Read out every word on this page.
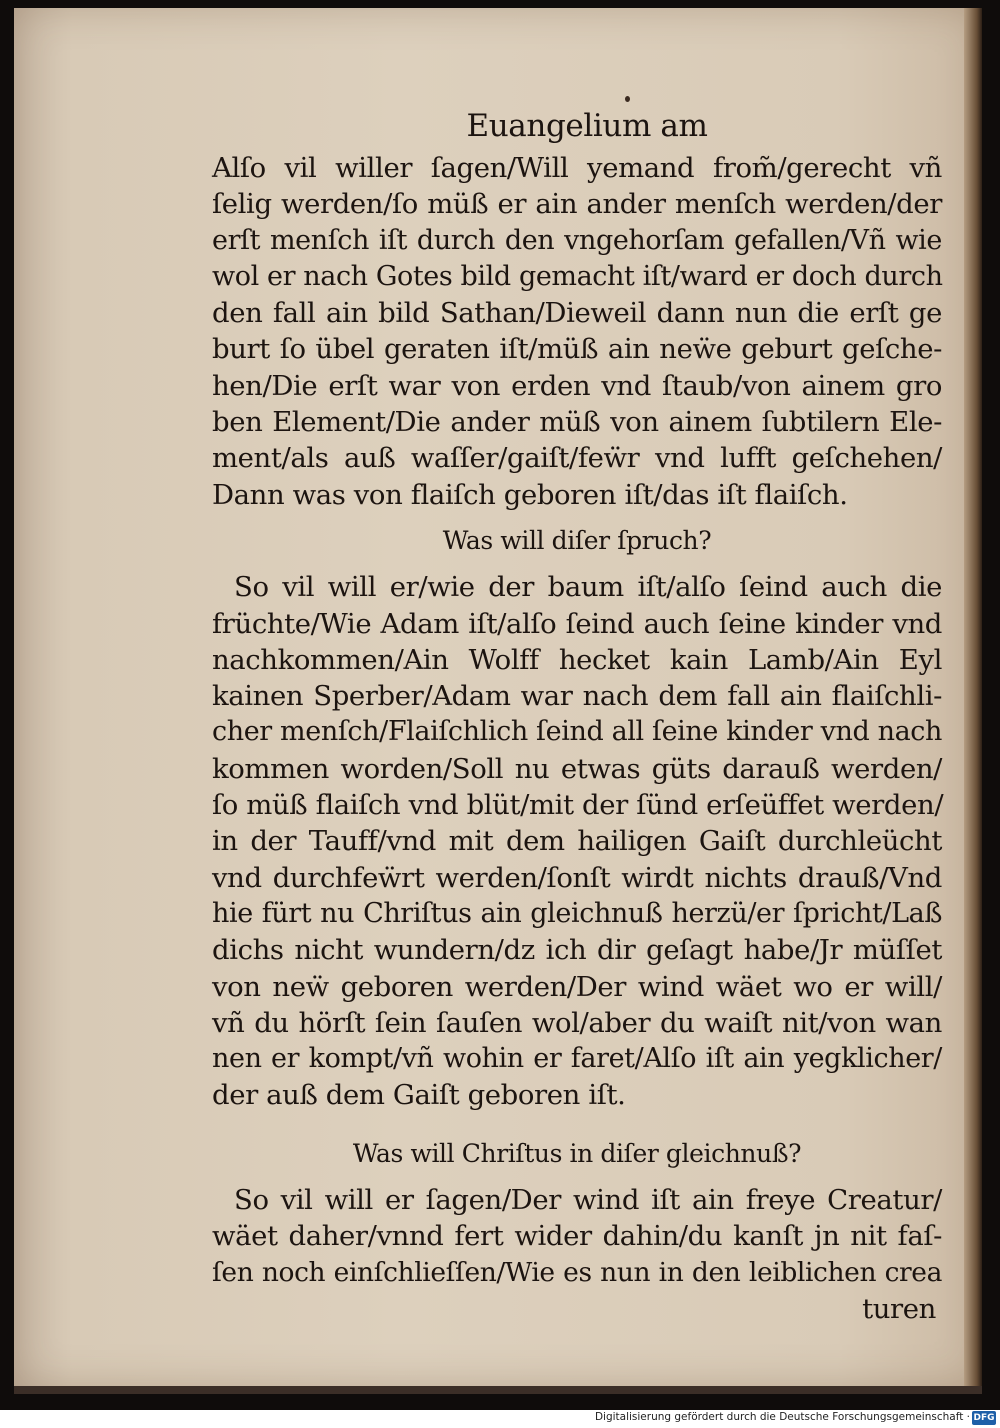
Euangelium am
Alſo vil willer ſagen/Will yemand from̃/gerecht vñ
ſelig werden/ſo müß er ain ander menſch werden/der
erſt menſch iſt durch den vngehorſam gefallen/Vñ wie
wol er nach Gotes bild gemacht iſt/ward er doch durch
den fall ain bild Sathan/Dieweil dann nun die erſt ge
burt ſo übel geraten iſt/müß ain neẅe geburt geſche-
hen/Die erſt war von erden vnd ſtaub/von ainem gro
ben Element/Die ander müß von ainem ſubtilern Ele-
ment/als auß waſſer/gaiſt/feẅr vnd lufft geſchehen/
Dann was von flaiſch geboren iſt/das iſt flaiſch.
Was will diſer ſpruch?
So vil will er/wie der baum iſt/alſo ſeind auch die
früchte/Wie Adam iſt/alſo ſeind auch ſeine kinder vnd
nachkommen/Ain Wolff hecket kain Lamb/Ain Eyl
kainen Sperber/Adam war nach dem fall ain flaiſchli-
cher menſch/Flaiſchlich ſeind all ſeine kinder vnd nach
kommen worden/Soll nu etwas güts darauß werden/
ſo müß flaiſch vnd blüt/mit der ſünd erſeüffet werden/
in der Tauff/vnd mit dem hailigen Gaiſt durchleücht
vnd durchfeẅrt werden/ſonſt wirdt nichts drauß/Vnd
hie fürt nu Chriſtus ain gleichnuß herzü/er ſpricht/Laß
dichs nicht wundern/dz ich dir geſagt habe/Jr müſſet
von neẅ geboren werden/Der wind wäet wo er will/
vñ du hörſt ſein ſauſen wol/aber du waiſt nit/von wan
nen er kompt/vñ wohin er faret/Alſo iſt ain yegklicher/
der auß dem Gaiſt geboren iſt.
Was will Chriſtus in diſer gleichnuß?
So vil will er ſagen/Der wind iſt ain freye Creatur/
wäet daher/vnnd fert wider dahin/du kanſt jn nit faſ-
ſen noch einſchlieſſen/Wie es nun in den leiblichen crea
turen
Digitalisierung gefördert durch die Deutsche Forschungsgemeinschaft · DFG
